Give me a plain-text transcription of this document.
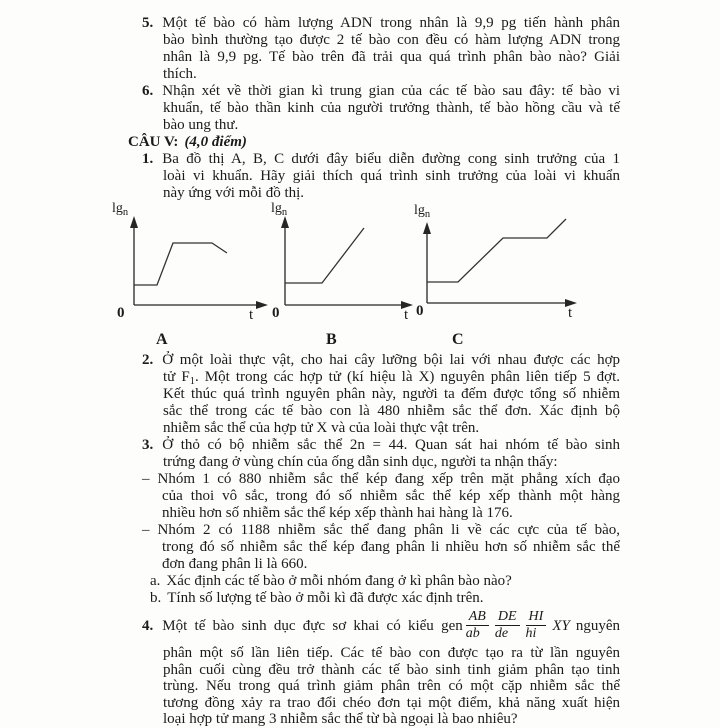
5. Một tế bào có hàm lượng ADN trong nhân là 9,9 pg tiến hành phân
bào bình thường tạo được 2 tế bào con đều có hàm lượng ADN trong
nhân là 9,9 pg. Tế bào trên đã trải qua quá trình phân bào nào? Giải
thích.
6. Nhận xét về thời gian kì trung gian của các tế bào sau đây: tế bào vi
khuẩn, tế bào thần kinh của người trưởng thành, tế bào hồng cầu và tế
bào ung thư.
CÂU V: (4,0 điểm)
1. Ba đồ thị A, B, C dưới đây biểu diễn đường cong sinh trưởng của 1
loài vi khuẩn. Hãy giải thích quá trình sinh trưởng của loài vi khuẩn
này ứng với mỗi đồ thị.
$\lg_n$
0	t
A
$\lg_n$
0	t
B
$\lg_n$
0	t
C
2. Ở một loài thực vật, cho hai cây lưỡng bội lai với nhau được các hợp
tử $F_1$. Một trong các hợp tử (kí hiệu là X) nguyên phân liên tiếp 5 đợt.
Kết thúc quá trình nguyên phân này, người ta đếm được tổng số nhiễm
sắc thể trong các tế bào con là 480 nhiễm sắc thể đơn. Xác định bộ
nhiễm sắc thể của hợp tử X và của loài thực vật trên.
3. Ở thỏ có bộ nhiễm sắc thể 2n = 44. Quan sát hai nhóm tế bào sinh
trứng đang ở vùng chín của ống dẫn sinh dục, người ta nhận thấy:
– Nhóm 1 có 880 nhiễm sắc thể kép đang xếp trên mặt phẳng xích đạo
của thoi vô sắc, trong đó số nhiễm sắc thể kép xếp thành một hàng
nhiều hơn số nhiễm sắc thể kép xếp thành hai hàng là 176.
– Nhóm 2 có 1188 nhiễm sắc thể đang phân li về các cực của tế bào,
trong đó số nhiễm sắc thể kép đang phân li nhiều hơn số nhiễm sắc thể
đơn đang phân li là 660.
a. Xác định các tế bào ở mỗi nhóm đang ở kì phân bào nào?
b. Tính số lượng tế bào ở mỗi kì đã được xác định trên.
4. Một tế bào sinh dục đực sơ khai có kiểu gen $\frac{AB}{ab} \frac{DE}{de} \frac{HI}{hi}$ XY nguyên
phân một số lần liên tiếp. Các tế bào con được tạo ra từ lần nguyên
phân cuối cùng đều trở thành các tế bào sinh tinh giảm phân tạo tinh
trùng. Nếu trong quá trình giảm phân trên có một cặp nhiễm sắc thể
tương đồng xảy ra trao đổi chéo đơn tại một điểm, khả năng xuất hiện
loại hợp tử mang 3 nhiễm sắc thể từ bà ngoại là bao nhiêu?
